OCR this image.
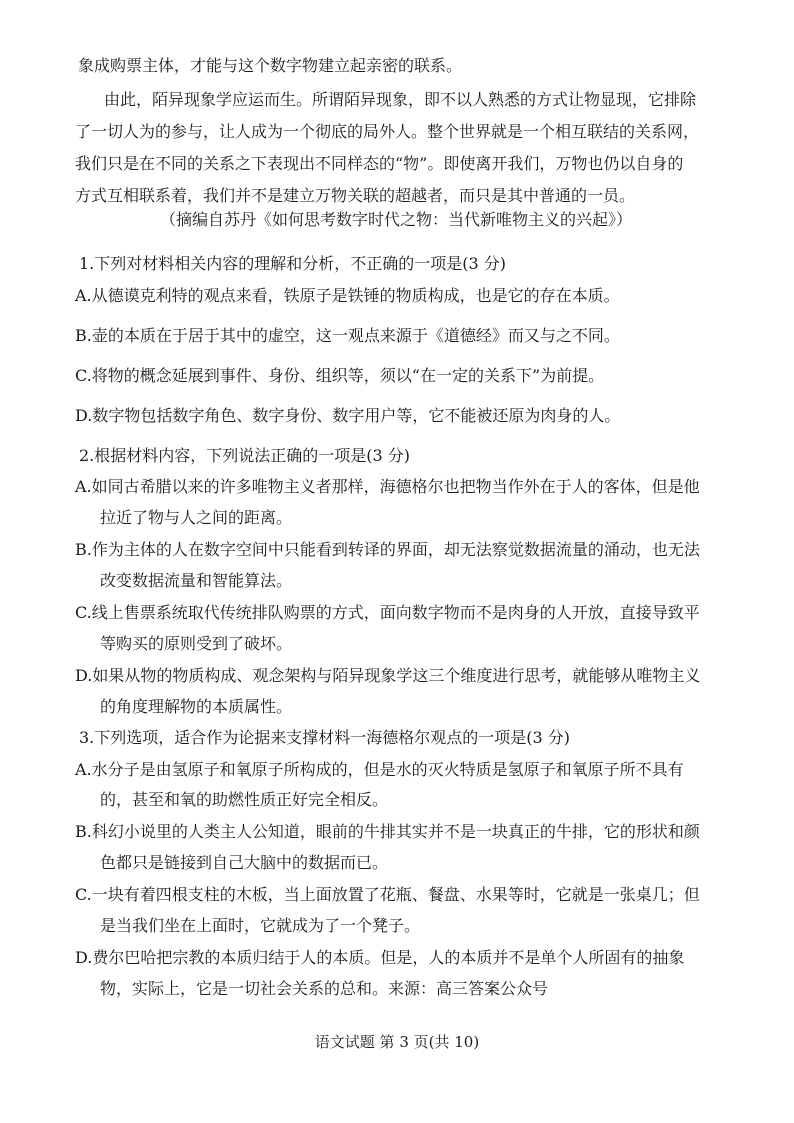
象成购票主体，才能与这个数字物建立起亲密的联系。
由此，陌异现象学应运而生。所谓陌异现象，即不以人熟悉的方式让物显现，它排除
了一切人为的参与，让人成为一个彻底的局外人。整个世界就是一个相互联结的关系网，
我们只是在不同的关系之下表现出不同样态的“物”。即使离开我们，万物也仍以自身的
方式互相联系着，我们并不是建立万物关联的超越者，而只是其中普通的一员。
（摘编自苏丹《如何思考数字时代之物：当代新唯物主义的兴起》）
1.下列对材料相关内容的理解和分析，不正确的一项是(3 分)
A.从德谟克利特的观点来看，铁原子是铁锤的物质构成，也是它的存在本质。
B.壶的本质在于居于其中的虚空，这一观点来源于《道德经》而又与之不同。
C.将物的概念延展到事件、身份、组织等，须以“在一定的关系下”为前提。
D.数字物包括数字角色、数字身份、数字用户等，它不能被还原为肉身的人。
2.根据材料内容，下列说法正确的一项是(3 分)
A.如同古希腊以来的许多唯物主义者那样，海德格尔也把物当作外在于人的客体，但是他
拉近了物与人之间的距离。
B.作为主体的人在数字空间中只能看到转译的界面，却无法察觉数据流量的涌动，也无法
改变数据流量和智能算法。
C.线上售票系统取代传统排队购票的方式，面向数字物而不是肉身的人开放，直接导致平
等购买的原则受到了破坏。
D.如果从物的物质构成、观念架构与陌异现象学这三个维度进行思考，就能够从唯物主义
的角度理解物的本质属性。
3.下列选项，适合作为论据来支撑材料一海德格尔观点的一项是(3 分)
A.水分子是由氢原子和氧原子所构成的，但是水的灭火特质是氢原子和氧原子所不具有
的，甚至和氧的助燃性质正好完全相反。
B.科幻小说里的人类主人公知道，眼前的牛排其实并不是一块真正的牛排，它的形状和颜
色都只是链接到自己大脑中的数据而已。
C.一块有着四根支柱的木板，当上面放置了花瓶、餐盘、水果等时，它就是一张桌几；但
是当我们坐在上面时，它就成为了一个凳子。
D.费尔巴哈把宗教的本质归结于人的本质。但是，人的本质并不是单个人所固有的抽象
物，实际上，它是一切社会关系的总和。来源：高三答案公众号
语文试题 第 3 页(共 10)
